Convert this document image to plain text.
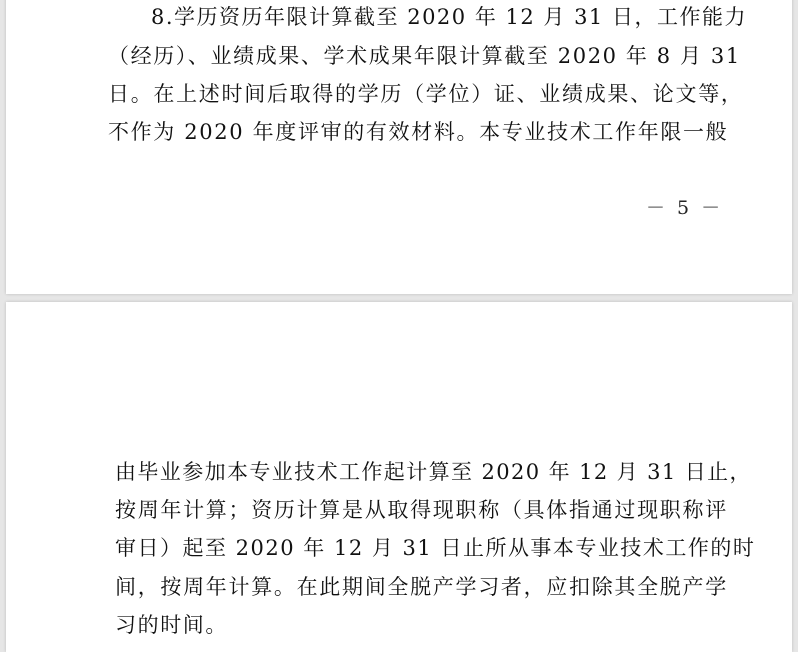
8.学历资历年限计算截至 2020 年 12 月 31 日，工作能力
（经历）、业绩成果、学术成果年限计算截至 2020 年 8 月 31
日。在上述时间后取得的学历（学位）证、业绩成果、论文等，
不作为 2020 年度评审的有效材料。本专业技术工作年限一般
－ 5 －
由毕业参加本专业技术工作起计算至 2020 年 12 月 31 日止，
按周年计算；资历计算是从取得现职称（具体指通过现职称评
审日）起至 2020 年 12 月 31 日止所从事本专业技术工作的时
间，按周年计算。在此期间全脱产学习者，应扣除其全脱产学
习的时间。
